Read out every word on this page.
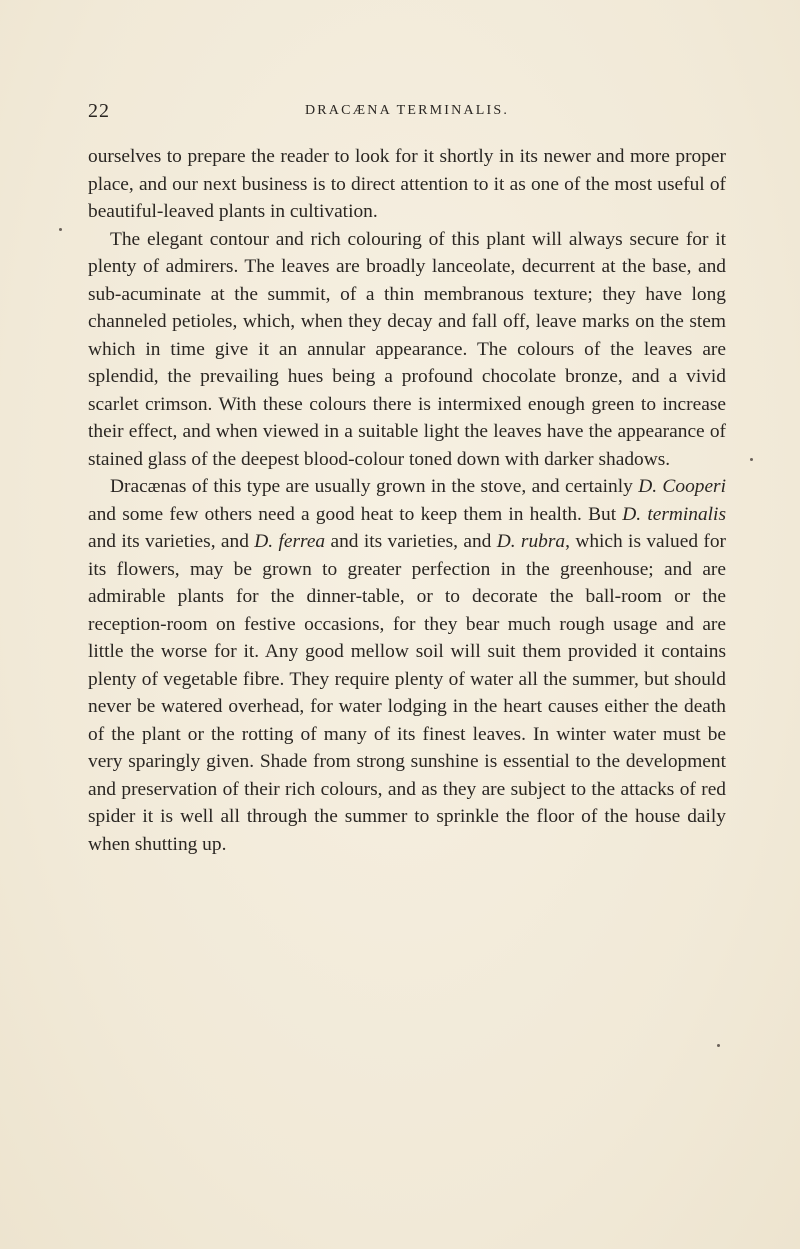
22	DRACÆNA TERMINALIS.

ourselves to prepare the reader to look for it shortly in its newer and more proper place, and our next business is to direct attention to it as one of the most useful of beautiful-leaved plants in cultivation.

The elegant contour and rich colouring of this plant will always secure for it plenty of admirers. The leaves are broadly lanceolate, decurrent at the base, and sub-acuminate at the summit, of a thin membranous texture; they have long channeled petioles, which, when they decay and fall off, leave marks on the stem which in time give it an annular appearance. The colours of the leaves are splendid, the prevailing hues being a profound chocolate bronze, and a vivid scarlet crimson. With these colours there is intermixed enough green to increase their effect, and when viewed in a suitable light the leaves have the appearance of stained glass of the deepest blood-colour toned down with darker shadows.

Dracænas of this type are usually grown in the stove, and certainly D. Cooperi and some few others need a good heat to keep them in health. But D. terminalis and its varieties, and D. ferrea and its varieties, and D. rubra, which is valued for its flowers, may be grown to greater perfection in the greenhouse; and are admirable plants for the dinner-table, or to decorate the ball-room or the reception-room on festive occasions, for they bear much rough usage and are little the worse for it. Any good mellow soil will suit them provided it contains plenty of vegetable fibre. They require plenty of water all the summer, but should never be watered overhead, for water lodging in the heart causes either the death of the plant or the rotting of many of its finest leaves. In winter water must be very sparingly given. Shade from strong sunshine is essential to the development and preservation of their rich colours, and as they are subject to the attacks of red spider it is well all through the summer to sprinkle the floor of the house daily when shutting up.
